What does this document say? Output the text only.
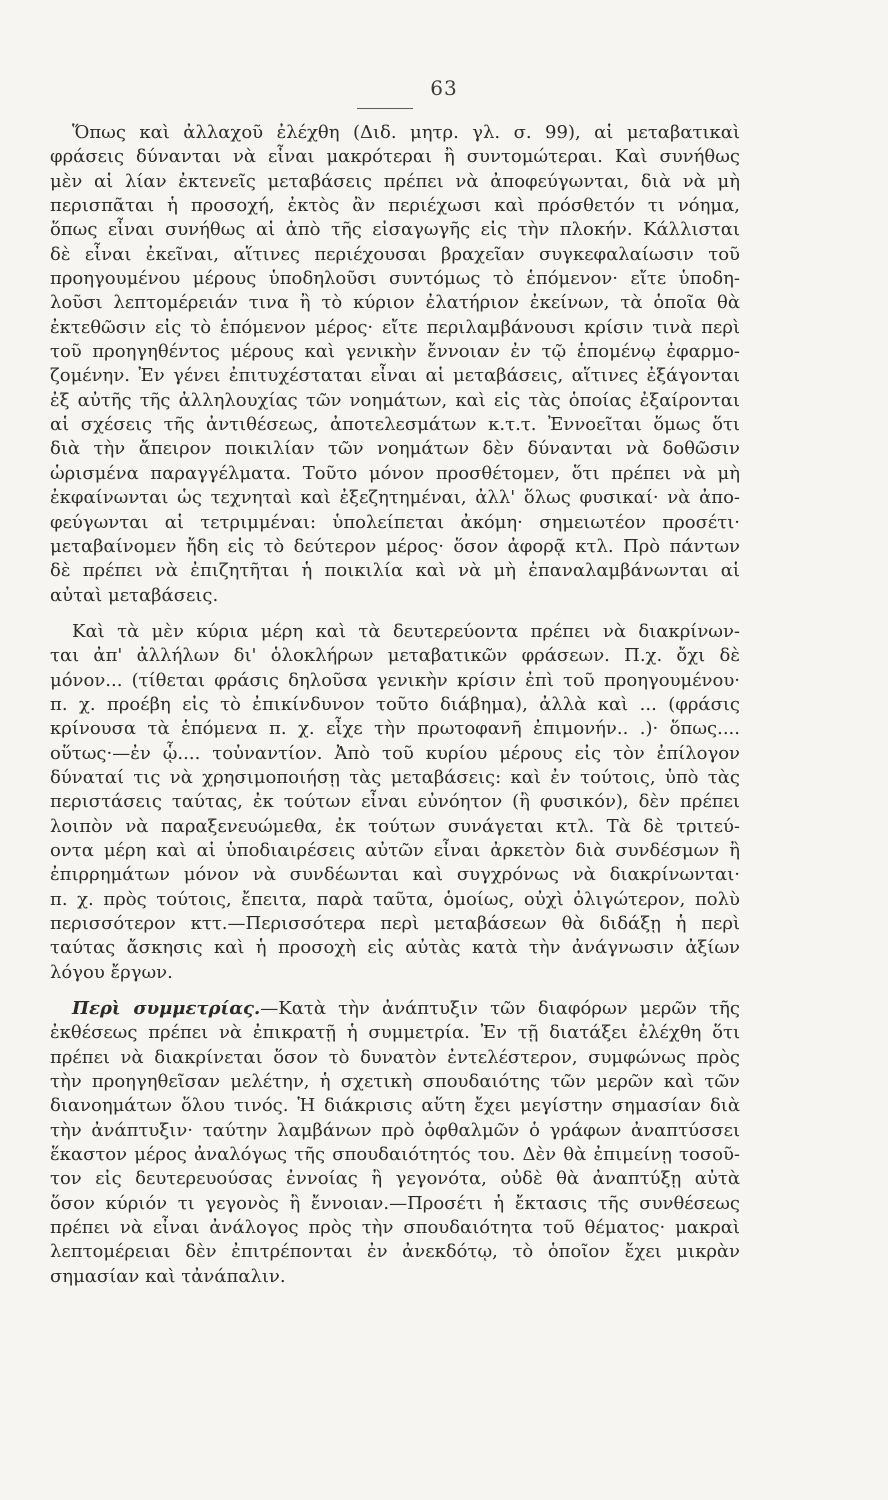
63
Ὅπως καὶ ἀλλαχοῦ ἐλέχθη (Διδ. μητρ. γλ. σ. 99), αἱ μεταβατικαὶ
φράσεις δύνανται νὰ εἶναι μακρότεραι ἢ συντομώτεραι. Καὶ συνήθως
μὲν αἱ λίαν ἐκτενεῖς μεταβάσεις πρέπει νὰ ἀποφεύγωνται, διὰ νὰ μὴ
περισπᾶται ἡ προσοχή, ἐκτὸς ἂν περιέχωσι καὶ πρόσθετόν τι νόημα,
ὅπως εἶναι συνήθως αἱ ἀπὸ τῆς εἰσαγωγῆς εἰς τὴν πλοκήν. Κάλλισται
δὲ εἶναι ἐκεῖναι, αἵτινες περιέχουσαι βραχεῖαν συγκεφαλαίωσιν τοῦ
προηγουμένου μέρους ὑποδηλοῦσι συντόμως τὸ ἑπόμενον· εἴτε ὑποδη-
λοῦσι λεπτομέρειάν τινα ἢ τὸ κύριον ἐλατήριον ἐκείνων, τὰ ὁποῖα θὰ
ἐκτεθῶσιν εἰς τὸ ἑπόμενον μέρος· εἴτε περιλαμβάνουσι κρίσιν τινὰ περὶ
τοῦ προηγηθέντος μέρους καὶ γενικὴν ἔννοιαν ἐν τῷ ἑπομένῳ ἐφαρμο-
ζομένην. Ἐν γένει ἐπιτυχέσταται εἶναι αἱ μεταβάσεις, αἵτινες ἐξάγονται
ἐξ αὐτῆς τῆς ἀλληλουχίας τῶν νοημάτων, καὶ εἰς τὰς ὁποίας ἐξαίρονται
αἱ σχέσεις τῆς ἀντιθέσεως, ἀποτελεσμάτων κ.τ.τ. Ἐννοεῖται ὅμως ὅτι
διὰ τὴν ἄπειρον ποικιλίαν τῶν νοημάτων δὲν δύνανται νὰ δοθῶσιν
ὡρισμένα παραγγέλματα. Τοῦτο μόνον προσθέτομεν, ὅτι πρέπει νὰ μὴ
ἐκφαίνωνται ὡς τεχνηταὶ καὶ ἐξεζητημέναι, ἀλλ' ὅλως φυσικαί· νὰ ἀπο-
φεύγωνται αἱ τετριμμέναι: ὑπολείπεται ἀκόμη· σημειωτέον προσέτι·
μεταβαίνομεν ἤδη εἰς τὸ δεύτερον μέρος· ὅσον ἀφορᾷ κτλ. Πρὸ πάντων
δὲ πρέπει νὰ ἐπιζητῆται ἡ ποικιλία καὶ νὰ μὴ ἐπαναλαμβάνωνται αἱ
αὐταὶ μεταβάσεις.
Καὶ τὰ μὲν κύρια μέρη καὶ τὰ δευτερεύοντα πρέπει νὰ διακρίνων-
ται ἀπ' ἀλλήλων δι' ὁλοκλήρων μεταβατικῶν φράσεων. Π.χ. ὄχι δὲ
μόνον... (τίθεται φράσις δηλοῦσα γενικὴν κρίσιν ἐπὶ τοῦ προηγουμένου·
π. χ. προέβη εἰς τὸ ἐπικίνδυνον τοῦτο διάβημα), ἀλλὰ καὶ ... (φράσις
κρίνουσα τὰ ἑπόμενα π. χ. εἶχε τὴν πρωτοφανῆ ἐπιμονήν.. .)· ὅπως....
οὕτως·—ἐν ᾧ.... τοὐναντίον. Ἀπὸ τοῦ κυρίου μέρους εἰς τὸν ἐπίλογον
δύναταί τις νὰ χρησιμοποιήσῃ τὰς μεταβάσεις: καὶ ἐν τούτοις, ὑπὸ τὰς
περιστάσεις ταύτας, ἐκ τούτων εἶναι εὐνόητον (ἢ φυσικόν), δὲν πρέπει
λοιπὸν νὰ παραξενευώμεθα, ἐκ τούτων συνάγεται κτλ. Τὰ δὲ τριτεύ-
οντα μέρη καὶ αἱ ὑποδιαιρέσεις αὐτῶν εἶναι ἀρκετὸν διὰ συνδέσμων ἢ
ἐπιρρημάτων μόνον νὰ συνδέωνται καὶ συγχρόνως νὰ διακρίνωνται·
π. χ. πρὸς τούτοις, ἔπειτα, παρὰ ταῦτα, ὁμοίως, οὐχὶ ὀλιγώτερον, πολὺ
περισσότερον κττ.—Περισσότερα περὶ μεταβάσεων θὰ διδάξῃ ἡ περὶ
ταύτας ἄσκησις καὶ ἡ προσοχὴ εἰς αὐτὰς κατὰ τὴν ἀνάγνωσιν ἀξίων
λόγου ἔργων.
Περὶ συμμετρίας.—Κατὰ τὴν ἀνάπτυξιν τῶν διαφόρων μερῶν τῆς
ἐκθέσεως πρέπει νὰ ἐπικρατῇ ἡ συμμετρία. Ἐν τῇ διατάξει ἐλέχθη ὅτι
πρέπει νὰ διακρίνεται ὅσον τὸ δυνατὸν ἐντελέστερον, συμφώνως πρὸς
τὴν προηγηθεῖσαν μελέτην, ἡ σχετικὴ σπουδαιότης τῶν μερῶν καὶ τῶν
διανοημάτων ὅλου τινός. Ἡ διάκρισις αὕτη ἔχει μεγίστην σημασίαν διὰ
τὴν ἀνάπτυξιν· ταύτην λαμβάνων πρὸ ὀφθαλμῶν ὁ γράφων ἀναπτύσσει
ἕκαστον μέρος ἀναλόγως τῆς σπουδαιότητός του. Δὲν θὰ ἐπιμείνῃ τοσοῦ-
τον εἰς δευτερευούσας ἐννοίας ἢ γεγονότα, οὐδὲ θὰ ἀναπτύξῃ αὐτὰ
ὅσον κύριόν τι γεγονὸς ἢ ἔννοιαν.—Προσέτι ἡ ἔκτασις τῆς συνθέσεως
πρέπει νὰ εἶναι ἀνάλογος πρὸς τὴν σπουδαιότητα τοῦ θέματος· μακραὶ
λεπτομέρειαι δὲν ἐπιτρέπονται ἐν ἀνεκδότῳ, τὸ ὁποῖον ἔχει μικρὰν
σημασίαν καὶ τἀνάπαλιν.
